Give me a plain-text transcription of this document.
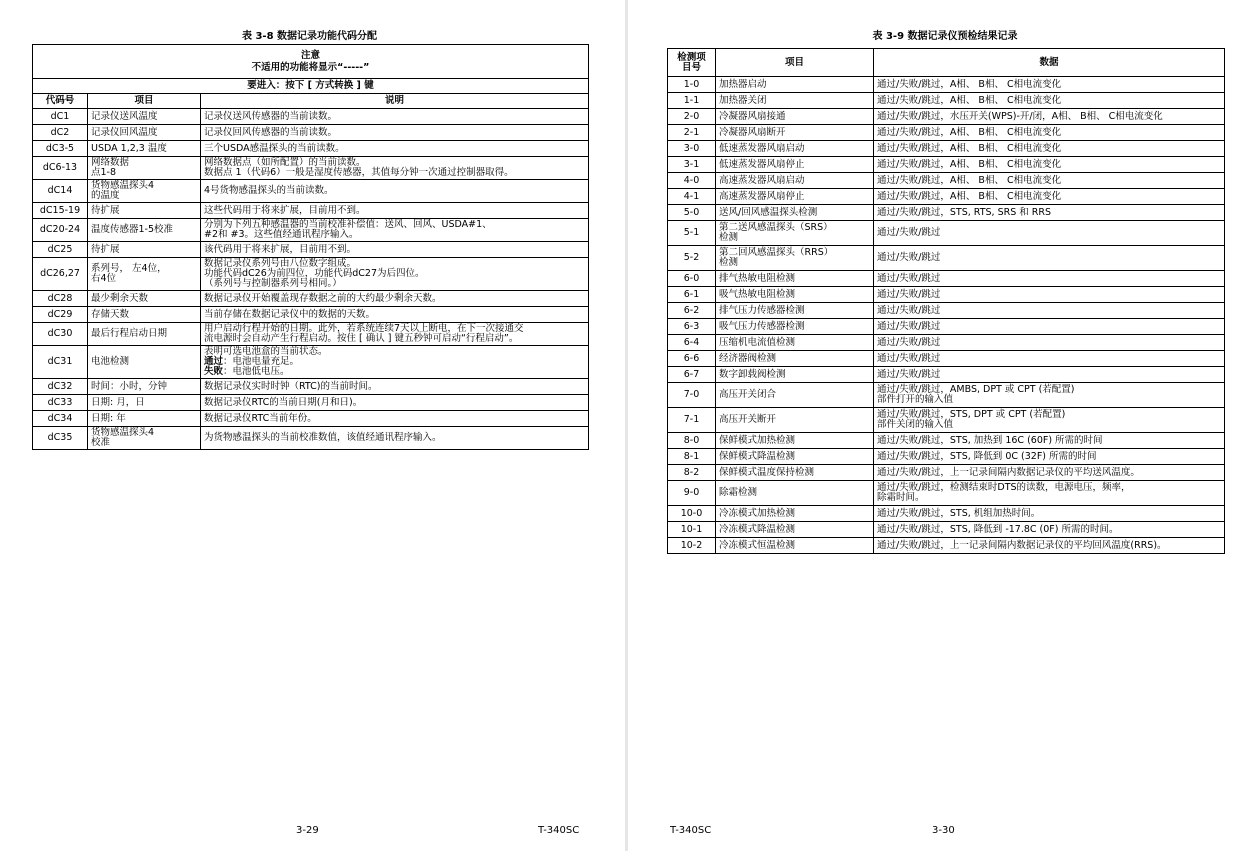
表 3-8 数据记录功能代码分配
注意
不适用的功能将显示“-----”		

要进入：按下 [ 方式转换 ] 键		
代码号	项目	说明
dC1	记录仪送风温度	记录仪送风传感器的当前读数。

dC2	记录仪回风温度	记录仪回风传感器的当前读数。

dC3-5	USDA 1,2,3 温度	三个USDA感温探头的当前读数。

dC6-13	网络数据
点1-8	网络数据点（如所配置）的当前读数。
数据点 1（代码6）一般是湿度传感器，其值每分钟一次通过控制器取得。

dC14	货物感温探头4
的温度	4号货物感温探头的当前读数。

dC15-19	待扩展	这些代码用于将来扩展，目前用不到。

dC20-24	温度传感器1-5校准	分别为下列五种感温器的当前校准补偿值：送风、回风、USDA#1、
#2和 #3。这些值经通讯程序输入。

dC25	待扩展	该代码用于将来扩展，目前用不到。

dC26,27	系列号， 左4位，
右4位	数据记录仪系列号由八位数字组成。
功能代码dC26为前四位，功能代码dC27为后四位。
（系列号与控制器系列号相同。）

dC28	最少剩余天数	数据记录仪开始覆盖现存数据之前的大约最少剩余天数。

dC29	存储天数	当前存储在数据记录仪中的数据的天数。

dC30	最后行程启动日期	用户启动行程开始的日期。此外，若系统连续7天以上断电，在下一次接通交
流电源时会自动产生行程启动。按住 [ 确认 ] 键五秒钟可启动“行程启动”。

dC31	电池检测	表明可选电池盒的当前状态。
通过：电池电量充足。
失败：电池低电压。

dC32	时间：小时，分钟	数据记录仪实时时钟（RTC)的当前时间。

dC33	日期: 月，日	数据记录仪RTC的当前日期(月和日)。

dC34	日期: 年	数据记录仪RTC当前年份。

dC35	货物感温探头4
校准	为货物感温探头的当前校准数值，该值经通讯程序输入。
3-29	T-340SC
表 3-9 数据记录仪预检结果记录
检测项
目号	项目	数据
1-0	加热器启动	通过/失败/跳过，A相、 B相、 C相电流变化

1-1	加热器关闭	通过/失败/跳过，A相、 B相、 C相电流变化

2-0	冷凝器风扇接通	通过/失败/跳过，水压开关(WPS)-开/闭，A相、 B相、 C相电流变化

2-1	冷凝器风扇断开	通过/失败/跳过，A相、 B相、 C相电流变化

3-0	低速蒸发器风扇启动	通过/失败/跳过，A相、 B相、 C相电流变化

3-1	低速蒸发器风扇停止	通过/失败/跳过，A相、 B相、 C相电流变化

4-0	高速蒸发器风扇启动	通过/失败/跳过，A相、 B相、 C相电流变化

4-1	高速蒸发器风扇停止	通过/失败/跳过，A相、 B相、 C相电流变化

5-0	送风/回风感温探头检测	通过/失败/跳过，STS, RTS, SRS 和 RRS

5-1	第二送风感温探头（SRS）
检测	通过/失败/跳过

5-2	第二回风感温探头（RRS）
检测	通过/失败/跳过

6-0	排气热敏电阻检测	通过/失败/跳过

6-1	吸气热敏电阻检测	通过/失败/跳过

6-2	排气压力传感器检测	通过/失败/跳过

6-3	吸气压力传感器检测	通过/失败/跳过

6-4	压缩机电流值检测	通过/失败/跳过

6-6	经济器阀检测	通过/失败/跳过

6-7	数字卸载阀检测	通过/失败/跳过

7-0	高压开关闭合	通过/失败/跳过，AMBS, DPT 或 CPT (若配置)
部件打开的输入值

7-1	高压开关断开	通过/失败/跳过，STS, DPT 或 CPT (若配置)
部件关闭的输入值

8-0	保鲜模式加热检测	通过/失败/跳过，STS, 加热到 16C (60F) 所需的时间

8-1	保鲜模式降温检测	通过/失败/跳过，STS, 降低到 0C (32F) 所需的时间

8-2	保鲜模式温度保持检测	通过/失败/跳过，上一记录间隔内数据记录仪的平均送风温度。

9-0	除霜检测	通过/失败/跳过，检测结束时DTS的读数，电源电压，频率，
除霜时间。

10-0	冷冻模式加热检测	通过/失败/跳过，STS, 机组加热时间。

10-1	冷冻模式降温检测	通过/失败/跳过，STS, 降低到 -17.8C (0F) 所需的时间。

10-2	冷冻模式恒温检测	通过/失败/跳过，上一记录间隔内数据记录仪的平均回风温度(RRS)。
T-340SC	3-30
